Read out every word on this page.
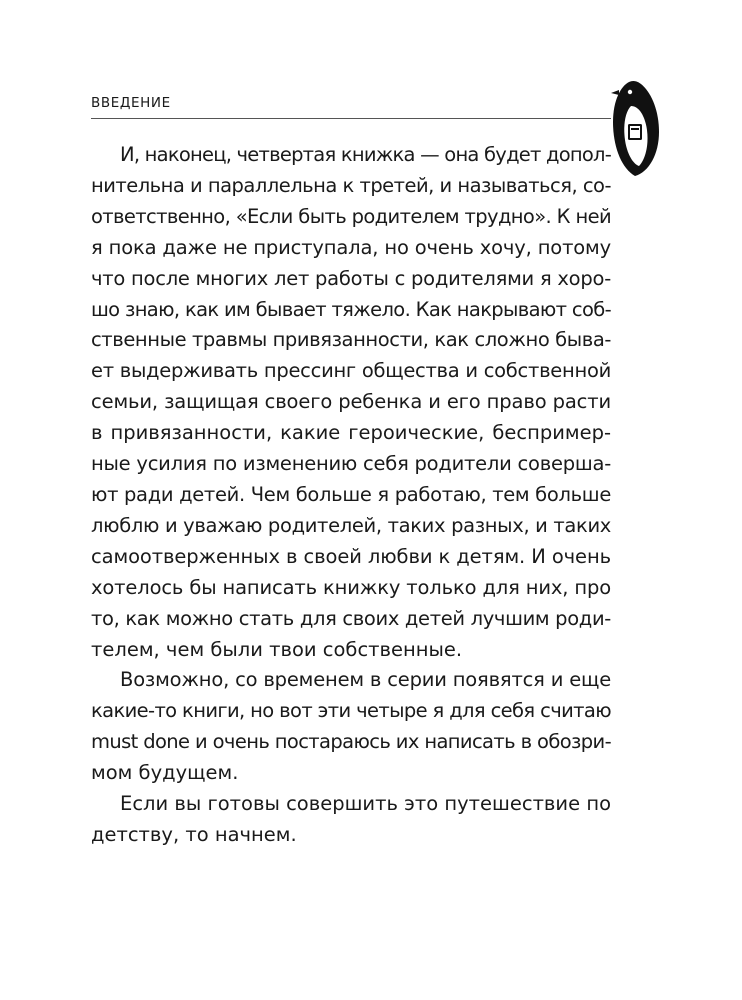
ВВЕДЕНИЕ
И, наконец, четвертая книжка — она будет допол-
нительна и параллельна к третей, и называться, со-
ответственно, «Если быть родителем трудно». К ней
я пока даже не приступала, но очень хочу, потому
что после многих лет работы с родителями я хоро-
шо знаю, как им бывает тяжело. Как накрывают соб-
ственные травмы привязанности, как сложно быва-
ет выдерживать прессинг общества и собственной
семьи, защищая своего ребенка и его право расти
в привязанности, какие героические, беспример-
ные усилия по изменению себя родители соверша-
ют ради детей. Чем больше я работаю, тем больше
люблю и уважаю родителей, таких разных, и таких
самоотверженных в своей любви к детям. И очень
хотелось бы написать книжку только для них, про
то, как можно стать для своих детей лучшим роди-
телем, чем были твои собственные.
Возможно, со временем в серии появятся и еще
какие-то книги, но вот эти четыре я для себя считаю
must done и очень постараюсь их написать в обозри-
мом будущем.
Если вы готовы совершить это путешествие по
детству, то начнем.
